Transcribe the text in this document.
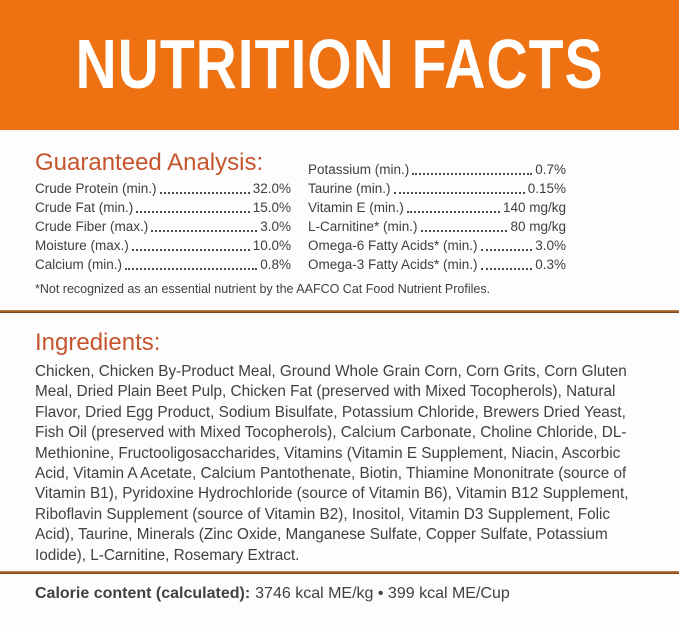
NUTRITION FACTS
Guaranteed Analysis:
Crude Protein (min.)	32.0%
Crude Fat (min.)	15.0%
Crude Fiber (max.)	3.0%
Moisture (max.)	10.0%
Calcium (min.)	0.8%
Potassium (min.)	0.7%
Taurine (min.)	0.15%
Vitamin E (min.)	140 mg/kg
L-Carnitine* (min.)	80 mg/kg
Omega-6 Fatty Acids* (min.)	3.0%
Omega-3 Fatty Acids* (min.)	0.3%
*Not recognized as an essential nutrient by the AAFCO Cat Food Nutrient Profiles.
Ingredients:

Chicken, Chicken By-Product Meal, Ground Whole Grain Corn, Corn Grits, Corn Gluten Meal, Dried Plain Beet Pulp, Chicken Fat (preserved with Mixed Tocopherols), Natural Flavor, Dried Egg Product, Sodium Bisulfate, Potassium Chloride, Brewers Dried Yeast, Fish Oil (preserved with Mixed Tocopherols), Calcium Carbonate, Choline Chloride, DL-Methionine, Fructooligosaccharides, Vitamins (Vitamin E Supplement, Niacin, Ascorbic Acid, Vitamin A Acetate, Calcium Pantothenate, Biotin, Thiamine Mononitrate (source of Vitamin B1), Pyridoxine Hydrochloride (source of Vitamin B6), Vitamin B12 Supplement, Riboflavin Supplement (source of Vitamin B2), Inositol, Vitamin D3 Supplement, Folic Acid), Taurine, Minerals (Zinc Oxide, Manganese Sulfate, Copper Sulfate, Potassium Iodide), L-Carnitine, Rosemary Extract.

Calorie content (calculated): 3746 kcal ME/kg • 399 kcal ME/Cup
